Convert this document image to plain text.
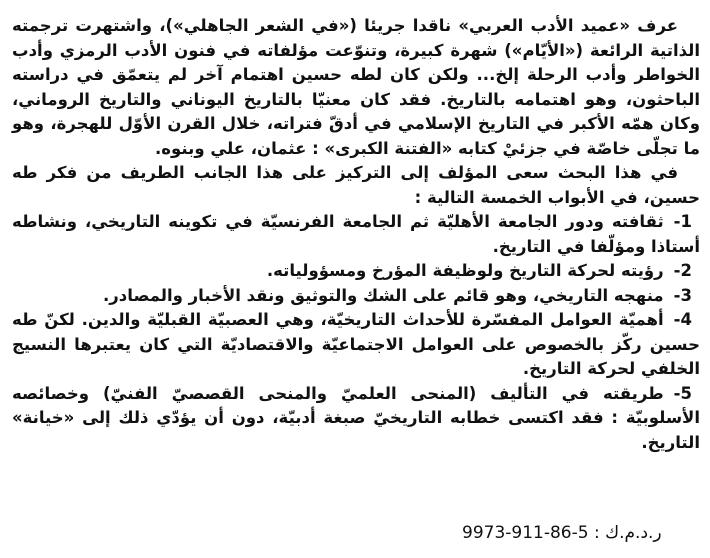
عرف «عميد الأدب العربي» ناقدا جريئا («في الشعر الجاهلي»)، واشتهرت ترجمته الذاتية الرائعة («الأيّام») شهرة كبيرة، وتنوّعت مؤلفاته في فنون الأدب الرمزي وأدب الخواطر وأدب الرحلة إلخ... ولكن كان لطه حسين اهتمام آخر لم يتعمّق في دراسته الباحثون، وهو اهتمامه بالتاريخ. فقد كان معنيّا بالتاريخ اليوناني والتاريخ الروماني، وكان همّه الأكبر في التاريخ الإسلامي في أدقّ فتراته، خلال القرن الأوّل للهجرة، وهو ما تجلّى خاصّة في جزئيْ كتابه «الفتنة الكبرى» : عثمان، علي وبنوه.

في هذا البحث سعى المؤلف إلى التركيز على هذا الجانب الطريف من فكر طه حسين، في الأبواب الخمسة التالية :

1-ثقافته ودور الجامعة الأهليّة ثم الجامعة الفرنسيّة في تكوينه التاريخي، ونشاطه أستاذا ومؤلّفا في التاريخ.

2-رؤيته لحركة التاريخ ولوظيفة المؤرخ ومسؤولياته.

3-منهجه التاريخي، وهو قائم على الشك والتوثيق ونقد الأخبار والمصادر.

4-أهميّة العوامل المفسّرة للأحداث التاريخيّة، وهي العصبيّة القبليّة والدين. لكنّ طه حسين ركّز بالخصوص على العوامل الاجتماعيّة والاقتصاديّة التي كان يعتبرها النسيج الخلفي لحركة التاريخ.

5-طريقته في التأليف (المنحى العلميّ والمنحى القصصيّ الفنيّ) وخصائصه الأسلوبيّة : فقد اكتسى خطابه التاريخيّ صبغة أدبيّة، دون أن يؤدّي ذلك إلى «خيانة» التاريخ.

ر.د.م.ك : 9973-911-86-5
